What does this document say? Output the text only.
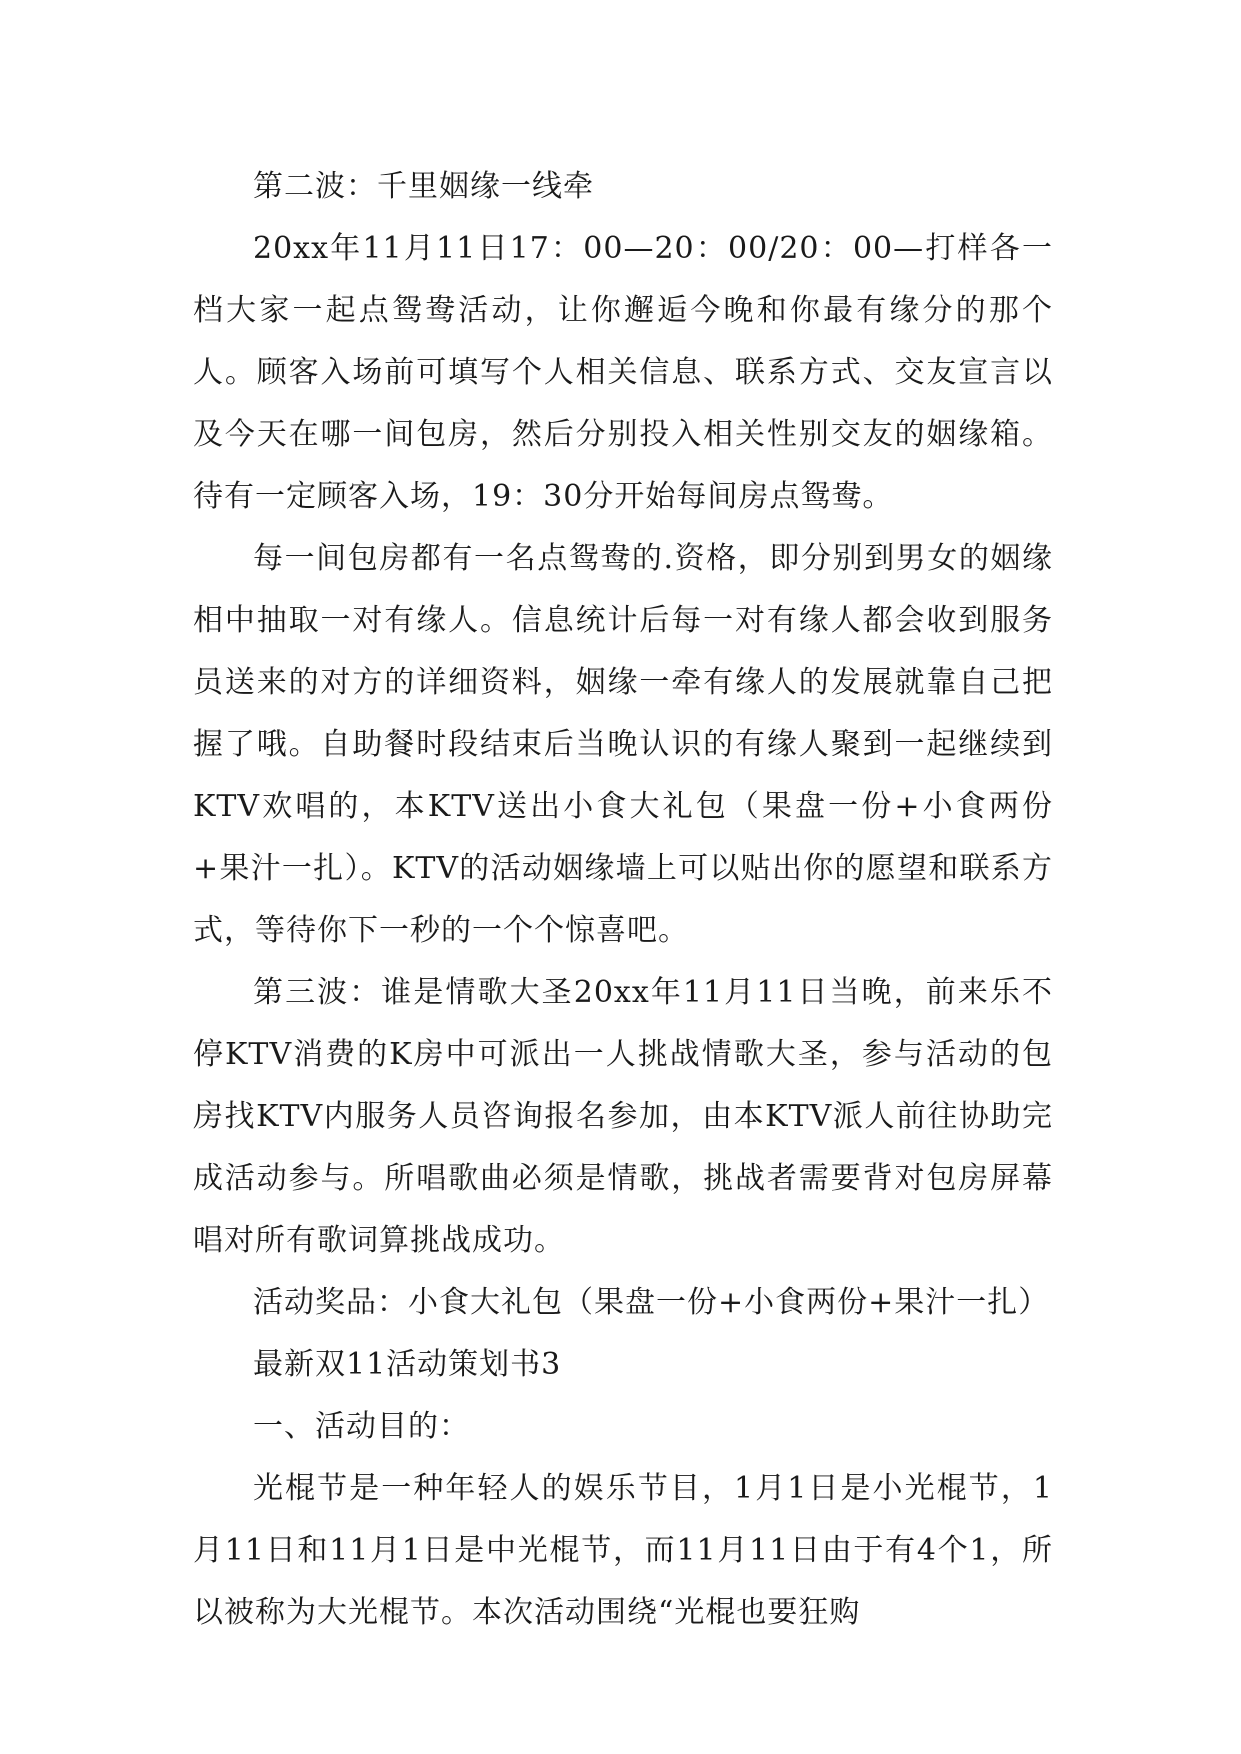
第二波：千里姻缘一线牵

20xx年11月11日17：00—20：00/20：00—打样各一档大家一起点鸳鸯活动，让你邂逅今晚和你最有缘分的那个人。顾客入场前可填写个人相关信息、联系方式、交友宣言以及今天在哪一间包房，然后分别投入相关性别交友的姻缘箱。待有一定顾客入场，19：30分开始每间房点鸳鸯。

每一间包房都有一名点鸳鸯的.资格，即分别到男女的姻缘相中抽取一对有缘人。信息统计后每一对有缘人都会收到服务员送来的对方的详细资料，姻缘一牵有缘人的发展就靠自己把握了哦。自助餐时段结束后当晚认识的有缘人聚到一起继续到KTV欢唱的，本KTV送出小食大礼包（果盘一份+小食两份+果汁一扎）。KTV的活动姻缘墙上可以贴出你的愿望和联系方式，等待你下一秒的一个个惊喜吧。

第三波：谁是情歌大圣20xx年11月11日当晚，前来乐不停KTV消费的K房中可派出一人挑战情歌大圣，参与活动的包房找KTV内服务人员咨询报名参加，由本KTV派人前往协助完成活动参与。所唱歌曲必须是情歌，挑战者需要背对包房屏幕唱对所有歌词算挑战成功。

活动奖品：小食大礼包（果盘一份+小食两份+果汁一扎）

最新双11活动策划书3

一、活动目的：

光棍节是一种年轻人的娱乐节目，1月1日是小光棍节，1月11日和11月1日是中光棍节，而11月11日由于有4个1，所以被称为大光棍节。本次活动围绕“光棍也要狂购
